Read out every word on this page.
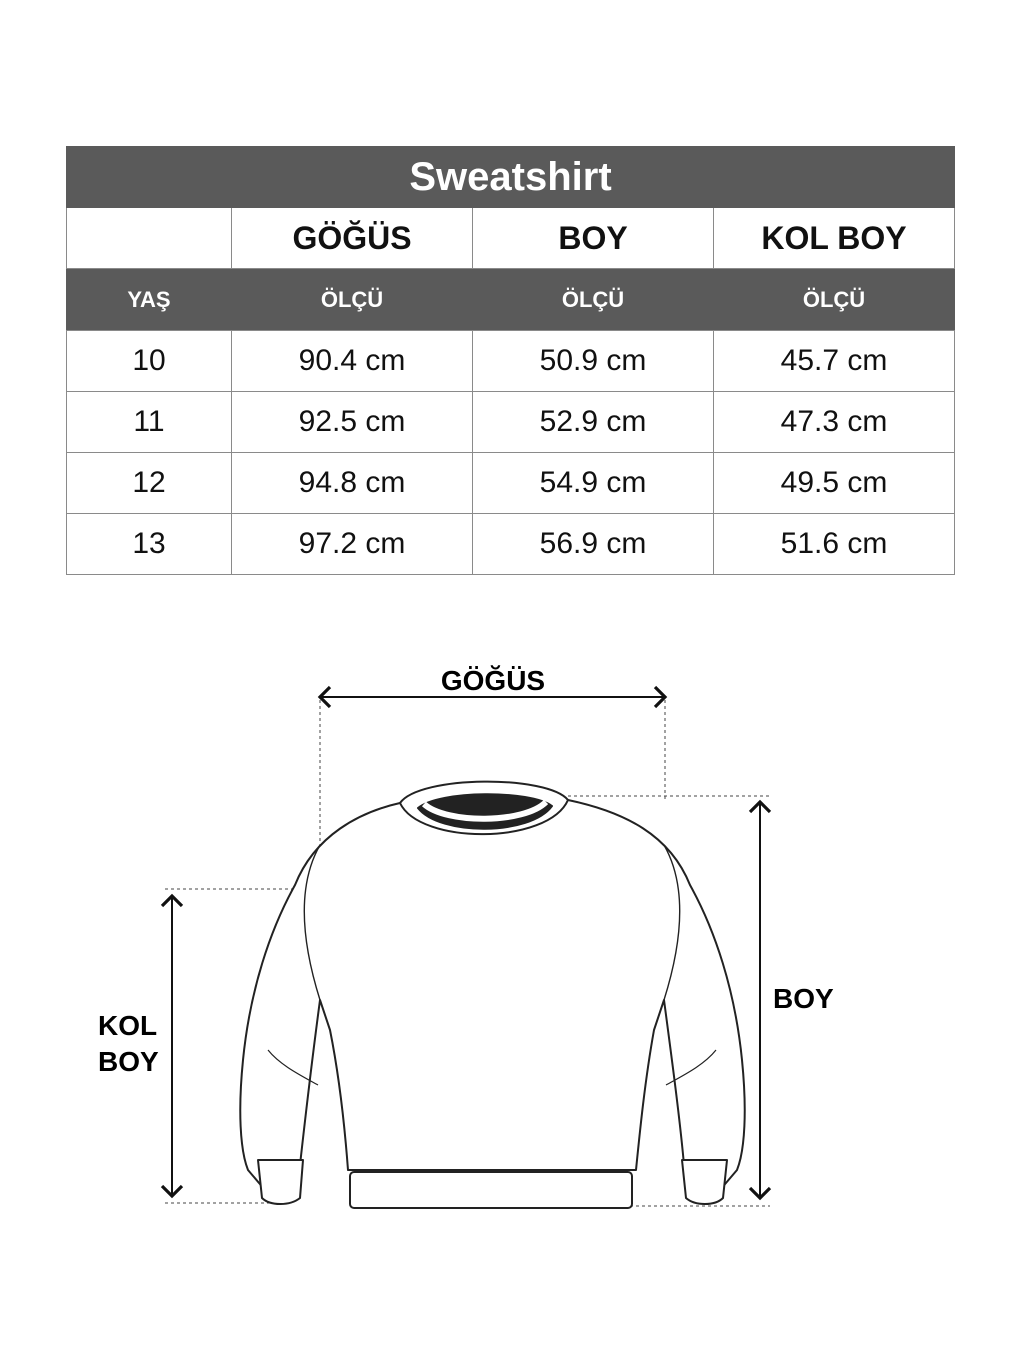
Sweatshirt			
	GÖĞÜS	BOY	KOL BOY
YAŞ	ÖLÇÜ	ÖLÇÜ	ÖLÇÜ
10	90.4 cm	50.9 cm	45.7 cm
11	92.5 cm	52.9 cm	47.3 cm
12	94.8 cm	54.9 cm	49.5 cm
13	97.2 cm	56.9 cm	51.6 cm
GÖĞÜS
BOY
KOL
BOY
